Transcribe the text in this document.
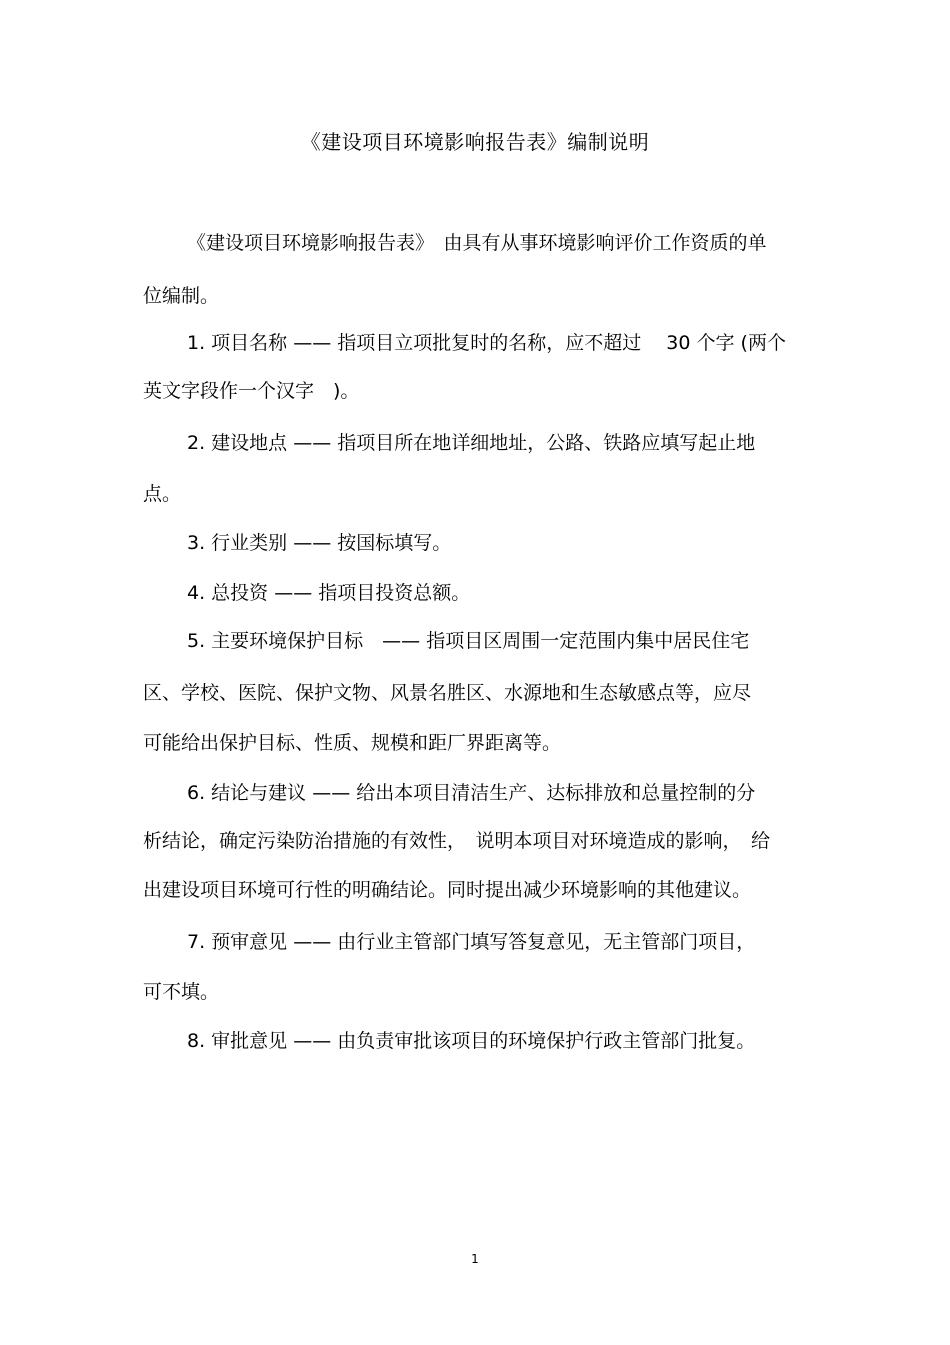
《建设项目环境影响报告表》编制说明

《建设项目环境影响报告表》　由具有从事环境影响评价工作资质的单

位编制。

1. 项目名称 —— 指项目立项批复时的名称，应不超过　 30 个字 (两个

英文字段作一个汉字　)。

2. 建设地点 —— 指项目所在地详细地址，公路、铁路应填写起止地

点。

3. 行业类别 —— 按国标填写。

4. 总投资 —— 指项目投资总额。

5. 主要环境保护目标　—— 指项目区周围一定范围内集中居民住宅

区、学校、医院、保护文物、风景名胜区、水源地和生态敏感点等，应尽

可能给出保护目标、性质、规模和距厂界距离等。

6. 结论与建议 —— 给出本项目清洁生产、达标排放和总量控制的分

析结论，确定污染防治措施的有效性，　说明本项目对环境造成的影响，　给

出建设项目环境可行性的明确结论。同时提出减少环境影响的其他建议。

7. 预审意见 —— 由行业主管部门填写答复意见，无主管部门项目，

可不填。

8. 审批意见 —— 由负责审批该项目的环境保护行政主管部门批复。

1
